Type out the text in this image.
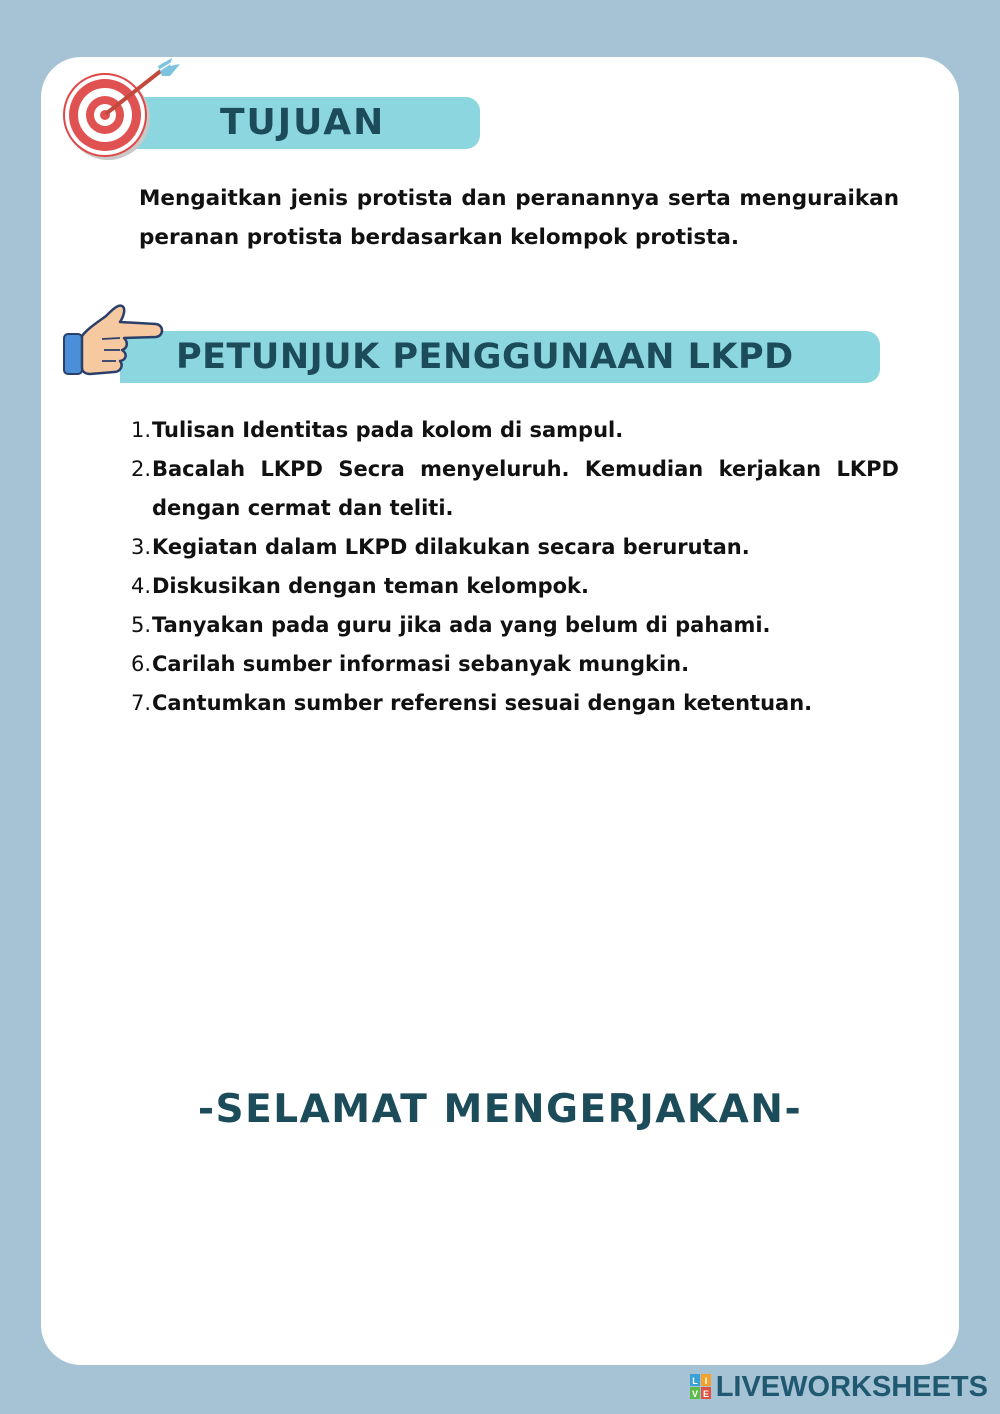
TUJUAN

Mengaitkan jenis protista dan peranannya serta menguraikan peranan protista berdasarkan kelompok protista.

PETUNJUK PENGGUNAAN LKPD
1. Tulisan Identitas pada kolom di sampul.
2. Bacalah LKPD Secra menyeluruh. Kemudian kerjakan LKPD dengan cermat dan teliti.
3. Kegiatan dalam LKPD dilakukan secara berurutan.
4. Diskusikan dengan teman kelompok.
5. Tanyakan pada guru jika ada yang belum di pahami.
6. Carilah sumber informasi sebanyak mungkin.
7. Cantumkan sumber referensi sesuai dengan ketentuan.
-SELAMAT MENGERJAKAN-
L I
V E LIVEWORKSHEETS
